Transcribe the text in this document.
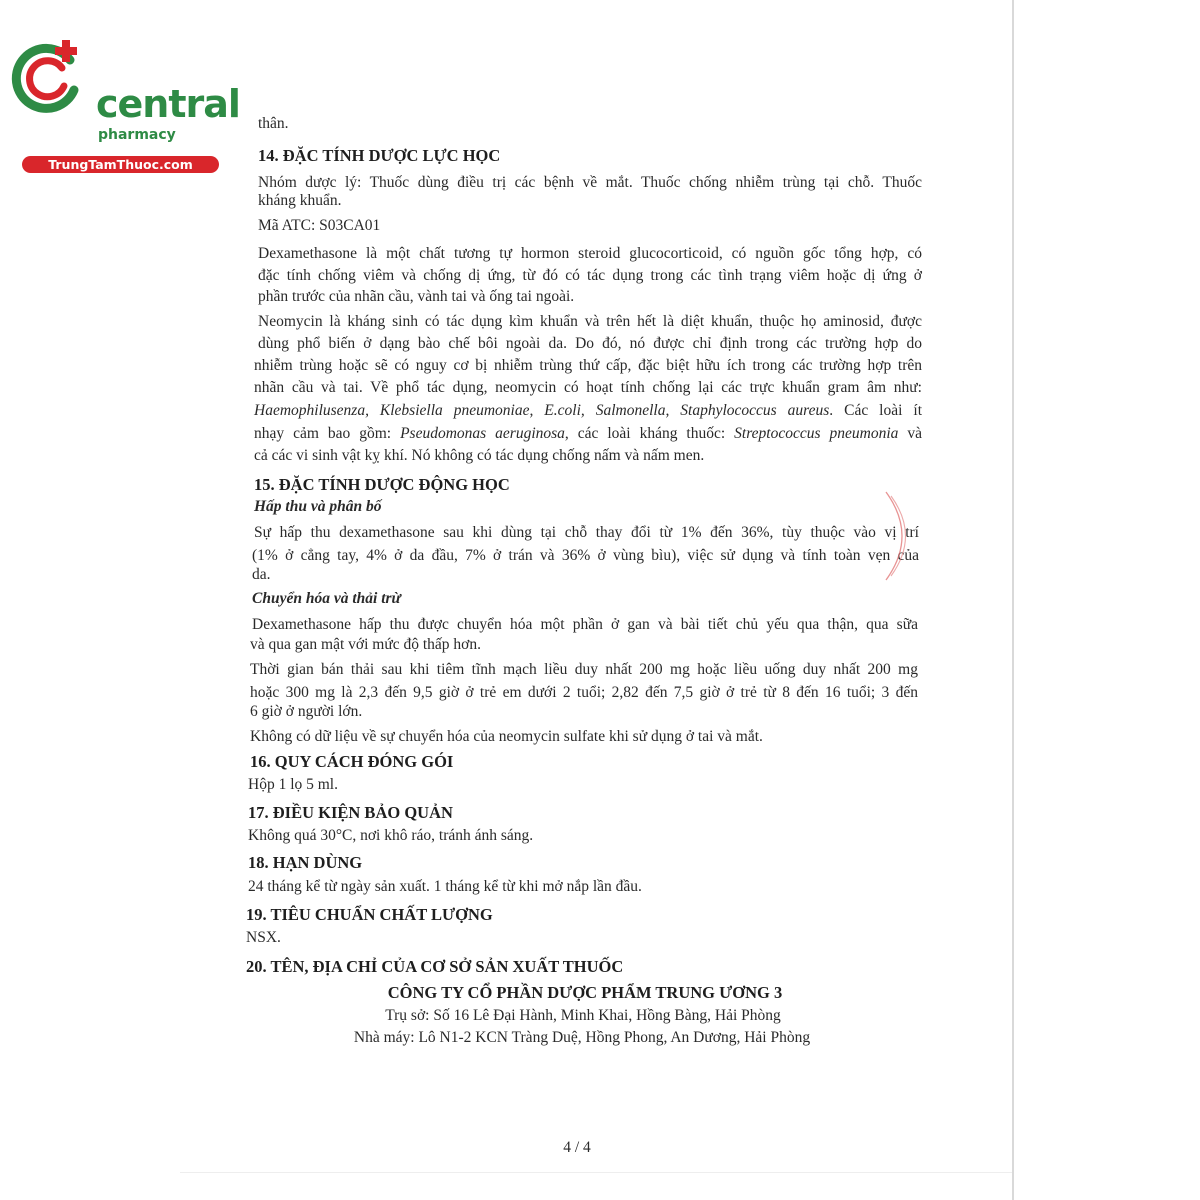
central
pharmacy
TrungTamThuoc.com
thân.
14. ĐẶC TÍNH DƯỢC LỰC HỌC
Nhóm dược lý: Thuốc dùng điều trị các bệnh về mắt. Thuốc chống nhiễm trùng tại chỗ. Thuốc
kháng khuẩn.
Mã ATC: S03CA01
Dexamethasone là một chất tương tự hormon steroid glucocorticoid, có nguồn gốc tổng hợp, có
đặc tính chống viêm và chống dị ứng, từ đó có tác dụng trong các tình trạng viêm hoặc dị ứng ở
phần trước của nhãn cầu, vành tai và ống tai ngoài.
Neomycin là kháng sinh có tác dụng kìm khuẩn và trên hết là diệt khuẩn, thuộc họ aminosid, được
dùng phổ biến ở dạng bào chế bôi ngoài da. Do đó, nó được chỉ định trong các trường hợp do
nhiễm trùng hoặc sẽ có nguy cơ bị nhiễm trùng thứ cấp, đặc biệt hữu ích trong các trường hợp trên
nhãn cầu và tai. Về phổ tác dụng, neomycin có hoạt tính chống lại các trực khuẩn gram âm như:
Haemophilusenza, Klebsiella pneumoniae, E.coli, Salmonella, Staphylococcus aureus. Các loài ít
nhạy cảm bao gồm: Pseudomonas aeruginosa, các loài kháng thuốc: Streptococcus pneumonia và
cả các vi sinh vật kỵ khí. Nó không có tác dụng chống nấm và nấm men.
15. ĐẶC TÍNH DƯỢC ĐỘNG HỌC
Hấp thu và phân bố
Sự hấp thu dexamethasone sau khi dùng tại chỗ thay đổi từ 1% đến 36%, tùy thuộc vào vị trí
(1% ở cẳng tay, 4% ở da đầu, 7% ở trán và 36% ở vùng bìu), việc sử dụng và tính toàn vẹn của
da.
Chuyển hóa và thải trừ
Dexamethasone hấp thu được chuyển hóa một phần ở gan và bài tiết chủ yếu qua thận, qua sữa
và qua gan mật với mức độ thấp hơn.
Thời gian bán thải sau khi tiêm tĩnh mạch liều duy nhất 200 mg hoặc liều uống duy nhất 200 mg
hoặc 300 mg là 2,3 đến 9,5 giờ ở trẻ em dưới 2 tuổi; 2,82 đến 7,5 giờ ở trẻ từ 8 đến 16 tuổi; 3 đến
6 giờ ở người lớn.
Không có dữ liệu về sự chuyển hóa của neomycin sulfate khi sử dụng ở tai và mắt.
16. QUY CÁCH ĐÓNG GÓI
Hộp 1 lọ 5 ml.
17. ĐIỀU KIỆN BẢO QUẢN
Không quá 30°C, nơi khô ráo, tránh ánh sáng.
18. HẠN DÙNG
24 tháng kể từ ngày sản xuất. 1 tháng kể từ khi mở nắp lần đầu.
19. TIÊU CHUẨN CHẤT LƯỢNG
NSX.
20. TÊN, ĐỊA CHỈ CỦA CƠ SỞ SẢN XUẤT THUỐC
CÔNG TY CỔ PHẦN DƯỢC PHẨM TRUNG ƯƠNG 3
Trụ sở: Số 16 Lê Đại Hành, Minh Khai, Hồng Bàng, Hải Phòng
Nhà máy: Lô N1-2 KCN Tràng Duệ, Hồng Phong, An Dương, Hải Phòng
4 / 4
